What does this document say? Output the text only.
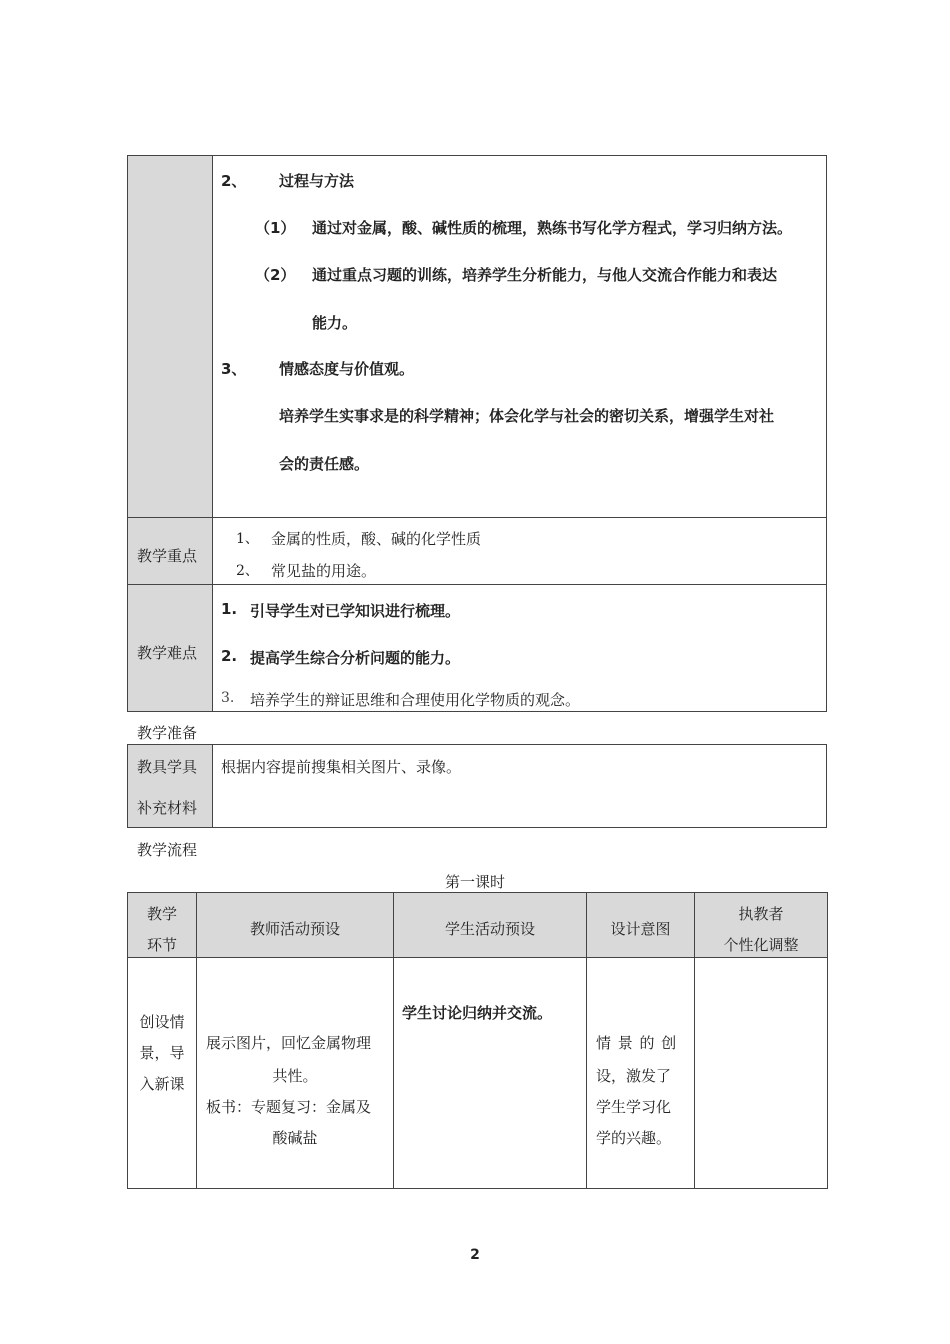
2、 过程与方法
（1） 通过对金属，酸、碱性质的梳理，熟练书写化学方程式，学习归纳方法。
（2） 通过重点习题的训练，培养学生分析能力，与他人交流合作能力和表达
能力。
3、 情感态度与价值观。
培养学生实事求是的科学精神；体会化学与社会的密切关系，增强学生对社
会的责任感。
教学重点
1、 金属的性质，酸、碱的化学性质
2、 常见盐的用途。
教学难点
1. 引导学生对已学知识进行梳理。
2. 提高学生综合分析问题的能力。
3. 培养学生的辩证思维和合理使用化学物质的观念。
教学准备
教具学具
补充材料
根据内容提前搜集相关图片、录像。
教学流程
第一课时
教学
环节
教师活动预设	学生活动预设	设计意图
执教者
个性化调整
创设情
景，导
入新课
展示图片，回忆金属物理
共性。
板书：专题复习：金属及
酸碱盐
学生讨论归纳并交流。
情 景 的 创
设，激发了
学生学习化
学的兴趣。
2
